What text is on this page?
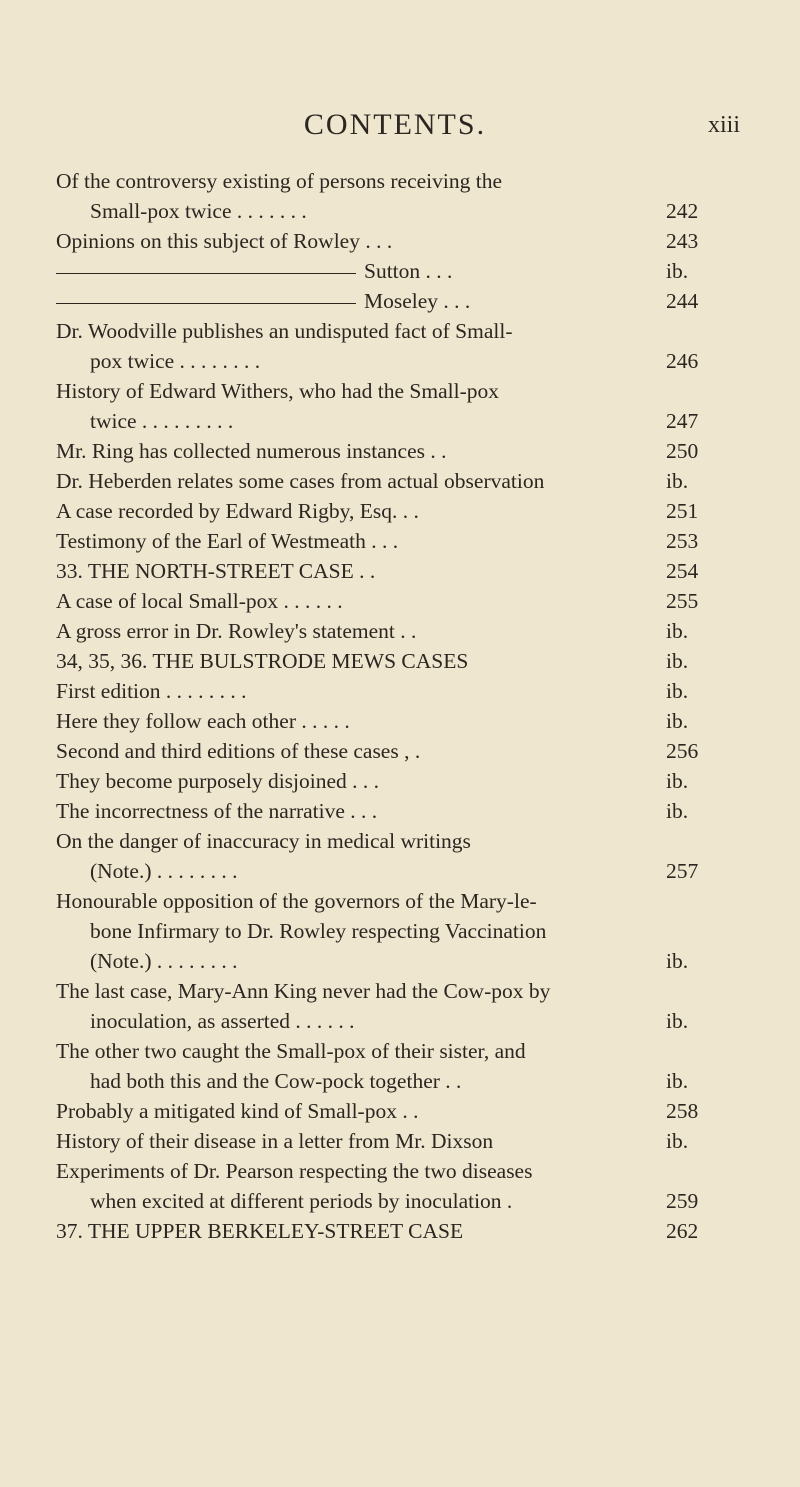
CONTENTS.	xiii
Of the controversy existing of persons receiving the
Small-pox twice . . . . . . .	242
Opinions on this subject of Rowley . . .	243
Sutton . . .	ib.
Moseley . . .	244
Dr. Woodville publishes an undisputed fact of Small-
pox twice . . . . . . . .	246
History of Edward Withers, who had the Small-pox
twice . . . . . . . . .	247
Mr. Ring has collected numerous instances . .	250
Dr. Heberden relates some cases from actual observation	ib.
A case recorded by Edward Rigby, Esq. . .	251
Testimony of the Earl of Westmeath . . .	253
33. THE NORTH-STREET CASE . .	254
A case of local Small-pox . . . . . .	255
A gross error in Dr. Rowley's statement . .	ib.
34, 35, 36. THE BULSTRODE MEWS CASES	ib.
First edition . . . . . . . .	ib.
Here they follow each other . . . . .	ib.
Second and third editions of these cases , .	256
They become purposely disjoined . . .	ib.
The incorrectness of the narrative . . .	ib.
On the danger of inaccuracy in medical writings
(Note.) . . . . . . . .	257
Honourable opposition of the governors of the Mary-le-
bone Infirmary to Dr. Rowley respecting Vaccination
(Note.) . . . . . . . .	ib.
The last case, Mary-Ann King never had the Cow-pox by
inoculation, as asserted . . . . . .	ib.
The other two caught the Small-pox of their sister, and
had both this and the Cow-pock together . .	ib.
Probably a mitigated kind of Small-pox . .	258
History of their disease in a letter from Mr. Dixson	ib.
Experiments of Dr. Pearson respecting the two diseases
when excited at different periods by inoculation .	259
37. THE UPPER BERKELEY-STREET CASE	262
